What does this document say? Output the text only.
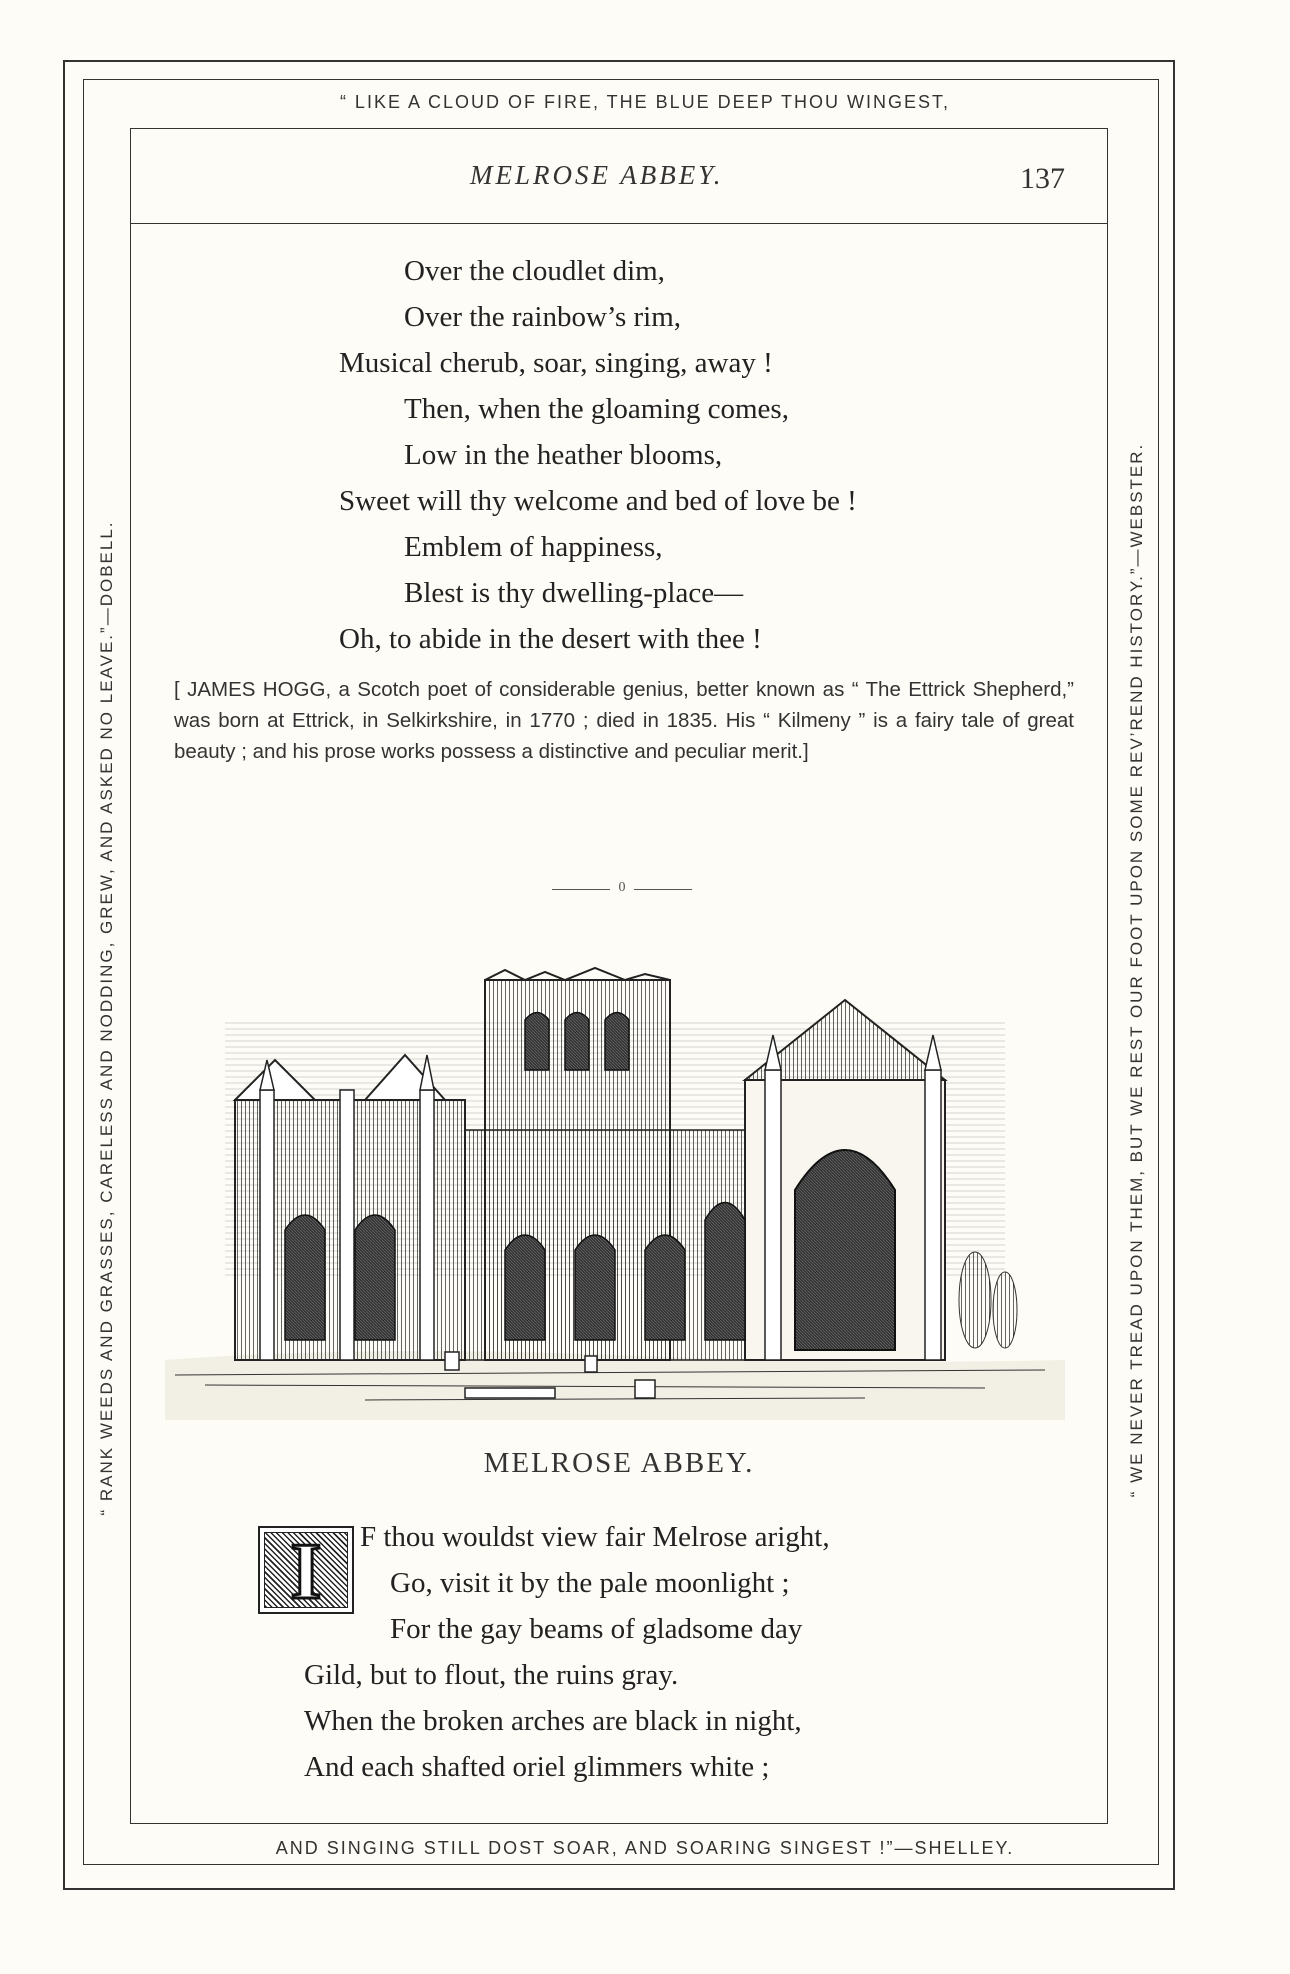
“ LIKE A CLOUD OF FIRE, THE BLUE DEEP THOU WINGEST,
AND SINGING STILL DOST SOAR, AND SOARING SINGEST !”—SHELLEY.
“ RANK WEEDS AND GRASSES, CARELESS AND NODDING, GREW, AND ASKED NO LEAVE.”—DOBELL.	“ WE NEVER TREAD UPON THEM, BUT WE REST OUR FOOT UPON SOME REV’REND HISTORY.”—WEBSTER.
MELROSE ABBEY.	137
Over the cloudlet dim,
Over the rainbow’s rim,
Musical cherub, soar, singing, away !
Then, when the gloaming comes,
Low in the heather blooms,
Sweet will thy welcome and bed of love be !
Emblem of happiness,
Blest is thy dwelling-place—
Oh, to abide in the desert with thee !
[ JAMES HOGG, a Scotch poet of considerable genius, better known as “ The Ettrick Shepherd,” was born at Ettrick, in Selkirkshire, in 1770 ; died in 1835. His “ Kilmeny ” is a fairy tale of great beauty ; and his prose works possess a distinctive and peculiar merit.]
0
MELROSE ABBEY.
I	F thou wouldst view fair Melrose aright,
Go, visit it by the pale moonlight ;
For the gay beams of gladsome day
Gild, but to flout, the ruins gray.
When the broken arches are black in night,
And each shafted oriel glimmers white ;
